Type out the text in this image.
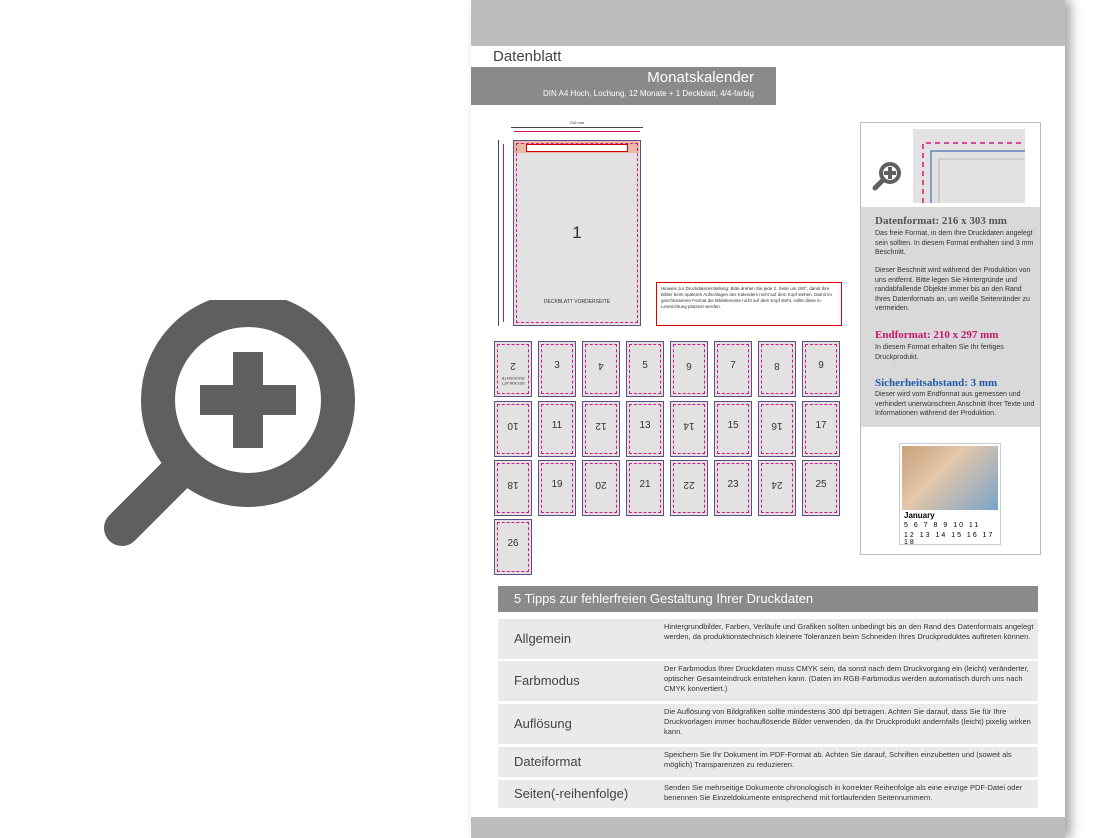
Datenblatt
Monatskalender
DIN A4 Hoch, Lochung, 12 Monate + 1 Deckblatt, 4/4-farbig
216 mm
1
DECKBLATT VORDERSEITE
Hinweis zur Druckdatenerstellung: Bitte drehen Sie jede 2. Seite um 180°, damit Ihre Bilder beim späteren Aufschlagen des Kalenders nicht auf dem Kopf stehen. Damit im geschlossenen Format die Bildelemente nicht auf dem Kopf steht, sollte diese in Leserichtung platziert werden.
2
DECKBLATT RÜCKSEITE
3	4	5	6	7	8	9
10	11	12	13	14	15	16	17
18	19	20	21	22	23	24	25
26
Datenformat: 216 x 303 mm
Das freie Format, in dem Ihre Druckdaten angelegt sein sollten. In diesem Format enthalten sind 3 mm Beschnitt.
Dieser Beschnitt wird während der Produktion von uns entfernt. Bitte legen Sie Hintergründe und randabfallende Objekte immer bis an den Rand Ihres Datenformats an, um weiße Seitenränder zu vermeiden.
Endformat: 210 x 297 mm
In diesem Format erhalten Sie Ihr fertiges Druckprodukt.
Sicherheitsabstand: 3 mm
Dieser wird vom Endformat aus gemessen und verhindert unerwünschten Anschnitt Ihrer Texte und Informationen während der Produktion.
January
5 6 7 8 9 10 11
12 13 14 15 16 17 18
5 Tipps zur fehlerfreien Gestaltung Ihrer Druckdaten
Allgemein
Hintergrundbilder, Farben, Verläufe und Grafiken sollten unbedingt bis an den Rand des Datenformats angelegt werden, da produktionstechnisch kleinere Toleranzen beim Schneiden Ihres Druckproduktes auftreten können.
Farbmodus
Der Farbmodus Ihrer Druckdaten muss CMYK sein, da sonst nach dem Druckvorgang ein (leicht) veränderter, optischer Gesamteindruck entstehen kann. (Daten im RGB-Farbmodus werden automatisch durch uns nach CMYK konvertiert.)
Auflösung
Die Auflösung von Bildgrafiken sollte mindestens 300 dpi betragen. Achten Sie darauf, dass Sie für Ihre Druckvorlagen immer hochauflösende Bilder verwenden, da Ihr Druckprodukt andernfalls (leicht) pixelig wirken kann.
Dateiformat	Speichern Sie Ihr Dokument im PDF-Format ab. Achten Sie darauf, Schriften einzubetten und (soweit als möglich) Transparenzen zu reduzieren.
Seiten(-reihenfolge)	Senden Sie mehrseitige Dokumente chronologisch in korrekter Reihenfolge als eine einzige PDF-Datei oder benennen Sie Einzeldokumente entsprechend mit fortlaufenden Seitennummern.
